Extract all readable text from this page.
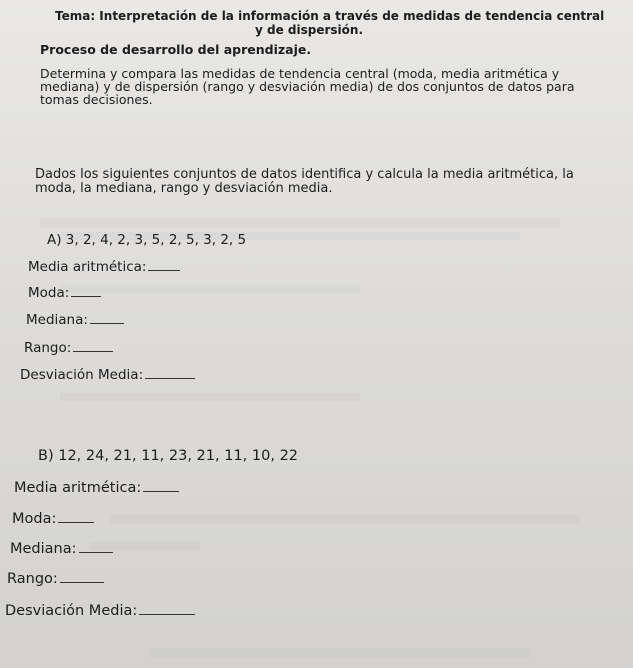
Tema: Interpretación de la información a través de medidas de tendencia central
y de dispersión.
Proceso de desarrollo del aprendizaje.
Determina y compara las medidas de tendencia central (moda, media aritmética y
mediana) y de dispersión (rango y desviación media) de dos conjuntos de datos para
tomas decisiones.
Dados los siguientes conjuntos de datos identifica y calcula la media aritmética, la
moda, la mediana, rango y desviación media.
A) 3, 2, 4, 2, 3, 5, 2, 5, 3, 2, 5
Media aritmética:
Moda:
Mediana:
Rango:
Desviación Media:
B) 12, 24, 21, 11, 23, 21, 11, 10, 22
Media aritmética:
Moda:
Mediana:
Rango:
Desviación Media:
